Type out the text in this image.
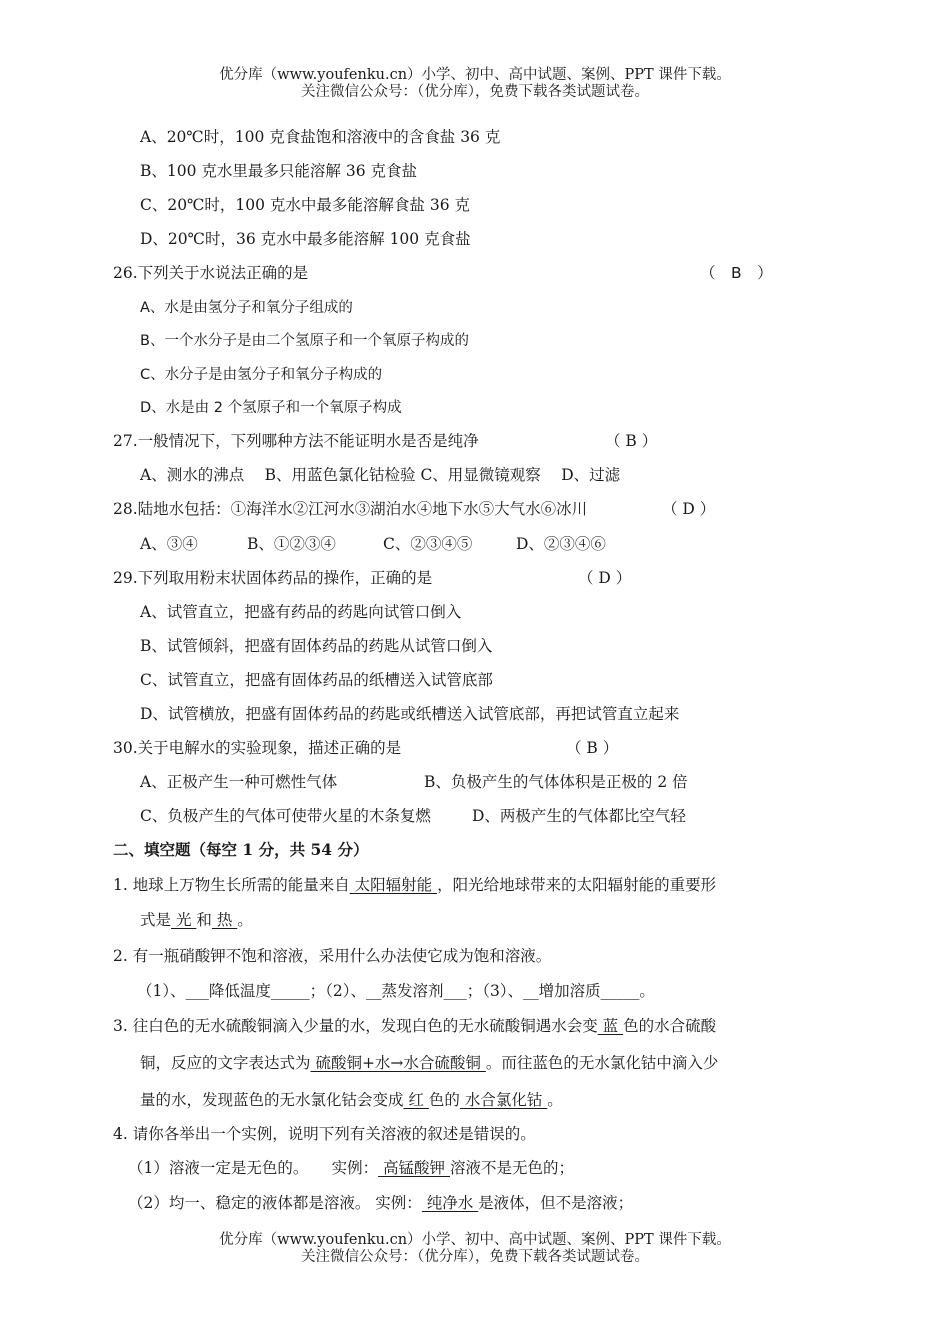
优分库（www.youfenku.cn）小学、初中、高中试题、案例、PPT 课件下载。
关注微信公众号：（优分库），免费下载各类试题试卷。
A、20℃时，100 克食盐饱和溶液中的含食盐 36 克
B、100 克水里最多只能溶解 36 克食盐
C、20℃时，100 克水中最多能溶解食盐 36 克
D、20℃时，36 克水中最多能溶解 100 克食盐
26.下列关于水说法正确的是	（　B　）
A、水是由氢分子和氧分子组成的
B、一个水分子是由二个氢原子和一个氧原子构成的
C、水分子是由氢分子和氧分子构成的
D、水是由 2 个氢原子和一个氧原子构成
27.一般情况下，下列哪种方法不能证明水是否是纯净	（ B ）
A、测水的沸点　 B、用蓝色氯化钴检验 C、用显微镜观察　 D、过滤
28.陆地水包括：①海洋水②江河水③湖泊水④地下水⑤大气水⑥冰川	（ D ）
A、③④	B、①②③④	C、②③④⑤	D、②③④⑥
29.下列取用粉末状固体药品的操作，正确的是	（ D ）
A、试管直立，把盛有药品的药匙向试管口倒入
B、试管倾斜，把盛有固体药品的药匙从试管口倒入
C、试管直立，把盛有固体药品的纸槽送入试管底部
D、试管横放，把盛有固体药品的药匙或纸槽送入试管底部，再把试管直立起来
30.关于电解水的实验现象，描述正确的是	（ B ）
A、正极产生一种可燃性气体	B、负极产生的气体体积是正极的 2 倍
C、负极产生的气体可使带火星的木条复燃	D、两极产生的气体都比空气轻
二、填空题（每空 1 分，共 54 分）
1. 地球上万物生长所需的能量来自 太阳辐射能 ，阳光给地球带来的太阳辐射能的重要形
式是 光 和 热 。
2. 有一瓶硝酸钾不饱和溶液，采用什么办法使它成为饱和溶液。
（1）、___降低温度_____；（2）、__蒸发溶剂___；（3）、__增加溶质_____。
3. 往白色的无水硫酸铜滴入少量的水，发现白色的无水硫酸铜遇水会变 蓝 色的水合硫酸
铜，反应的文字表达式为 硫酸铜+水→水合硫酸铜 。而往蓝色的无水氯化钴中滴入少
量的水，发现蓝色的无水氯化钴会变成 红 色的 水合氯化钴 。
4. 请你各举出一个实例，说明下列有关溶液的叙述是错误的。
（1）溶液一定是无色的。　　实例： 高锰酸钾 溶液不是无色的；
（2）均一、稳定的液体都是溶液。 实例： 纯净水 是液体，但不是溶液；
优分库（www.youfenku.cn）小学、初中、高中试题、案例、PPT 课件下载。
关注微信公众号：（优分库），免费下载各类试题试卷。
